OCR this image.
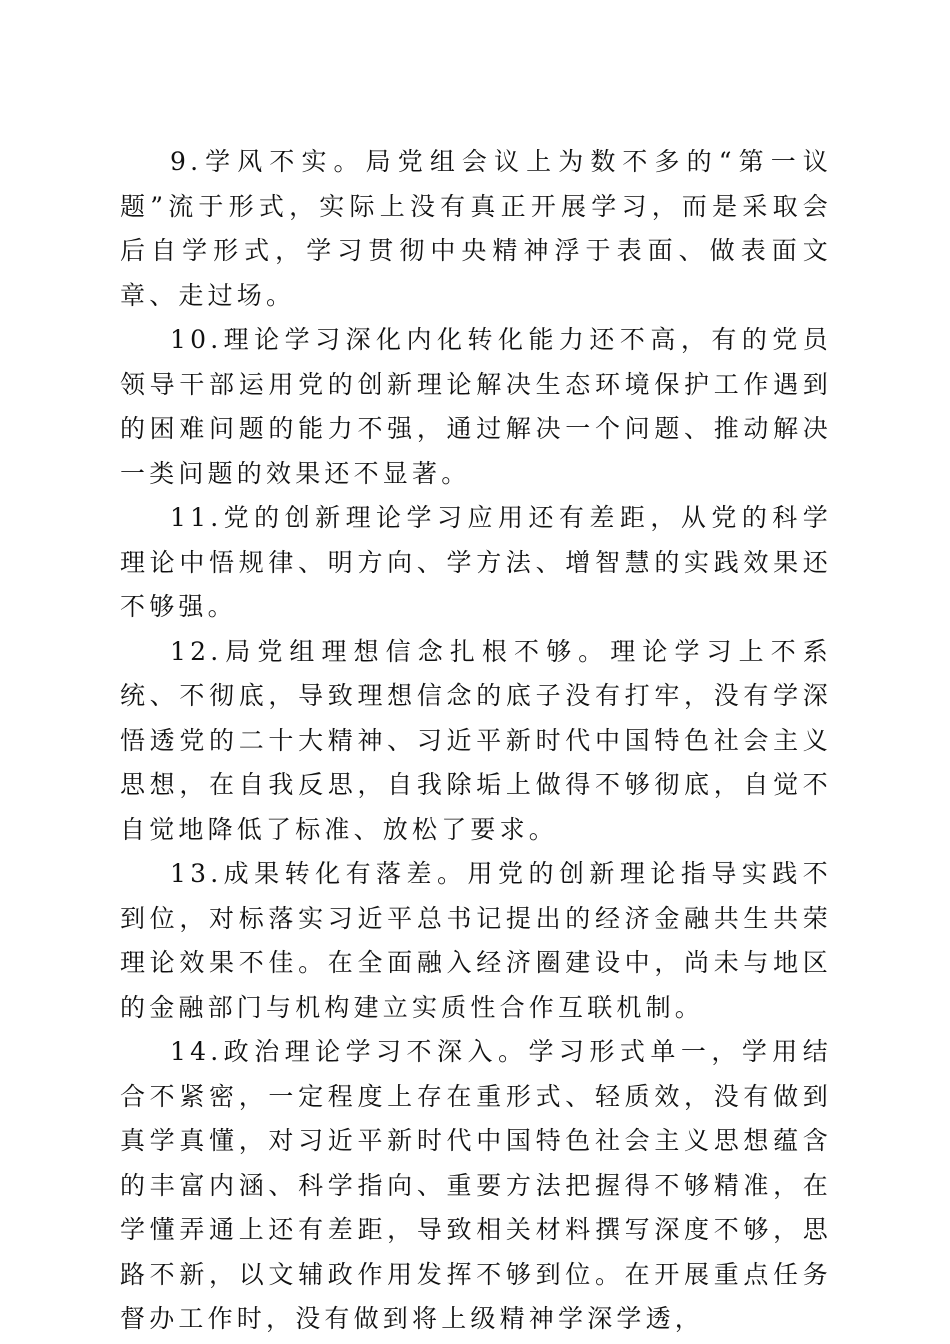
9.学风不实。局党组会议上为数不多的“第一议题”流于形式，实际上没有真正开展学习，而是采取会后自学形式，学习贯彻中央精神浮于表面、做表面文章、走过场。

10.理论学习深化内化转化能力还不高，有的党员领导干部运用党的创新理论解决生态环境保护工作遇到的困难问题的能力不强，通过解决一个问题、推动解决一类问题的效果还不显著。

11.党的创新理论学习应用还有差距，从党的科学理论中悟规律、明方向、学方法、增智慧的实践效果还不够强。

12.局党组理想信念扎根不够。理论学习上不系统、不彻底，导致理想信念的底子没有打牢，没有学深悟透党的二十大精神、习近平新时代中国特色社会主义思想，在自我反思，自我除垢上做得不够彻底，自觉不自觉地降低了标准、放松了要求。

13.成果转化有落差。用党的创新理论指导实践不到位，对标落实习近平总书记提出的经济金融共生共荣理论效果不佳。在全面融入经济圈建设中，尚未与地区的金融部门与机构建立实质性合作互联机制。

14.政治理论学习不深入。学习形式单一，学用结合不紧密，一定程度上存在重形式、轻质效，没有做到真学真懂，对习近平新时代中国特色社会主义思想蕴含的丰富内涵、科学指向、重要方法把握得不够精准，在学懂弄通上还有差距，导致相关材料撰写深度不够，思路不新，以文辅政作用发挥不够到位。在开展重点任务督办工作时，没有做到将上级精神学深学透，
